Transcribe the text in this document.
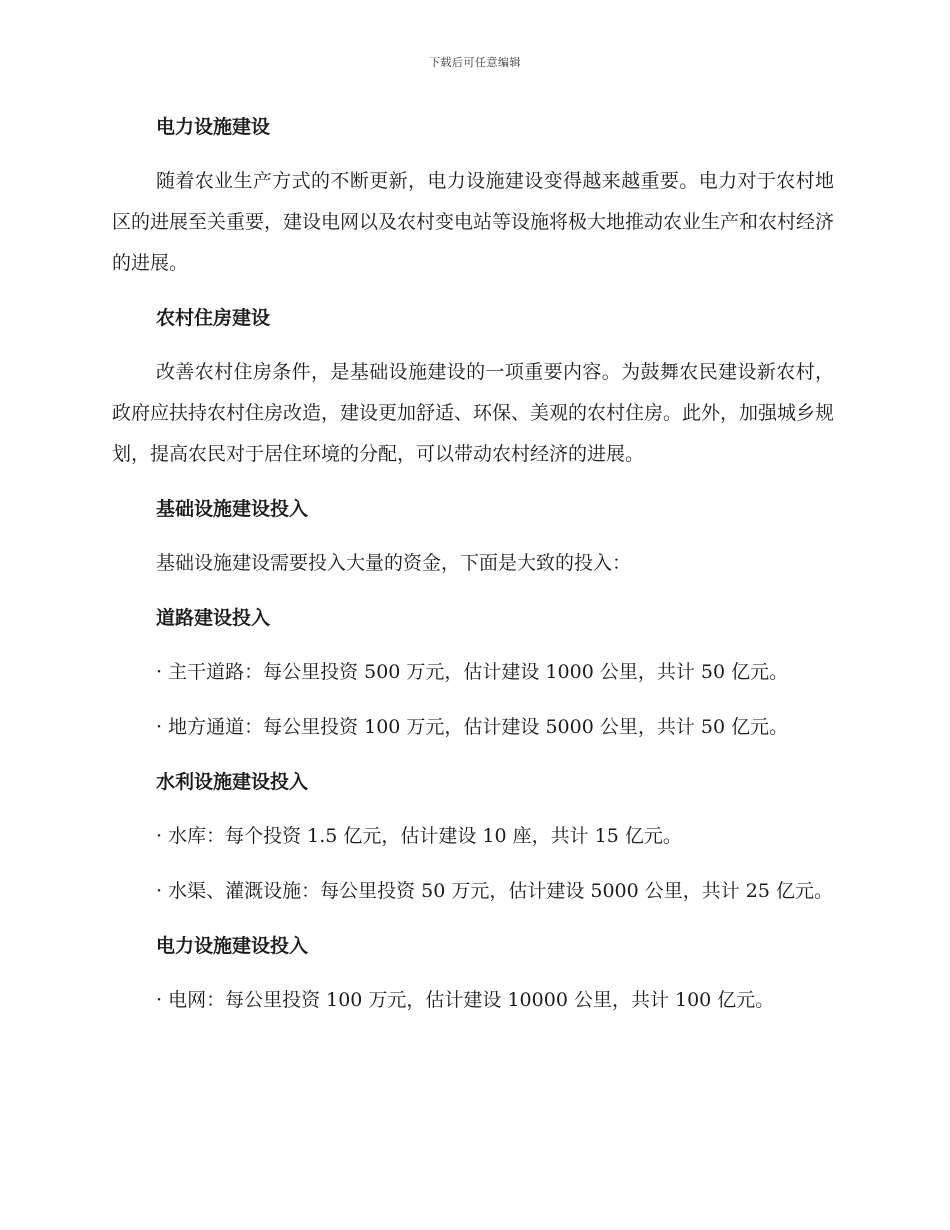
下载后可任意编辑
电力设施建设
随着农业生产方式的不断更新，电力设施建设变得越来越重要。电力对于农村地区的进展至关重要，建设电网以及农村变电站等设施将极大地推动农业生产和农村经济的进展。
农村住房建设
改善农村住房条件，是基础设施建设的一项重要内容。为鼓舞农民建设新农村，政府应扶持农村住房改造，建设更加舒适、环保、美观的农村住房。此外，加强城乡规划，提高农民对于居住环境的分配，可以带动农村经济的进展。
基础设施建设投入
基础设施建设需要投入大量的资金，下面是大致的投入：
道路建设投入
· 主干道路：每公里投资 500 万元，估计建设 1000 公里，共计 50 亿元。
· 地方通道：每公里投资 100 万元，估计建设 5000 公里，共计 50 亿元。
水利设施建设投入
· 水库：每个投资 1.5 亿元，估计建设 10 座，共计 15 亿元。
· 水渠、灌溉设施：每公里投资 50 万元，估计建设 5000 公里，共计 25 亿元。
电力设施建设投入
· 电网：每公里投资 100 万元，估计建设 10000 公里，共计 100 亿元。
